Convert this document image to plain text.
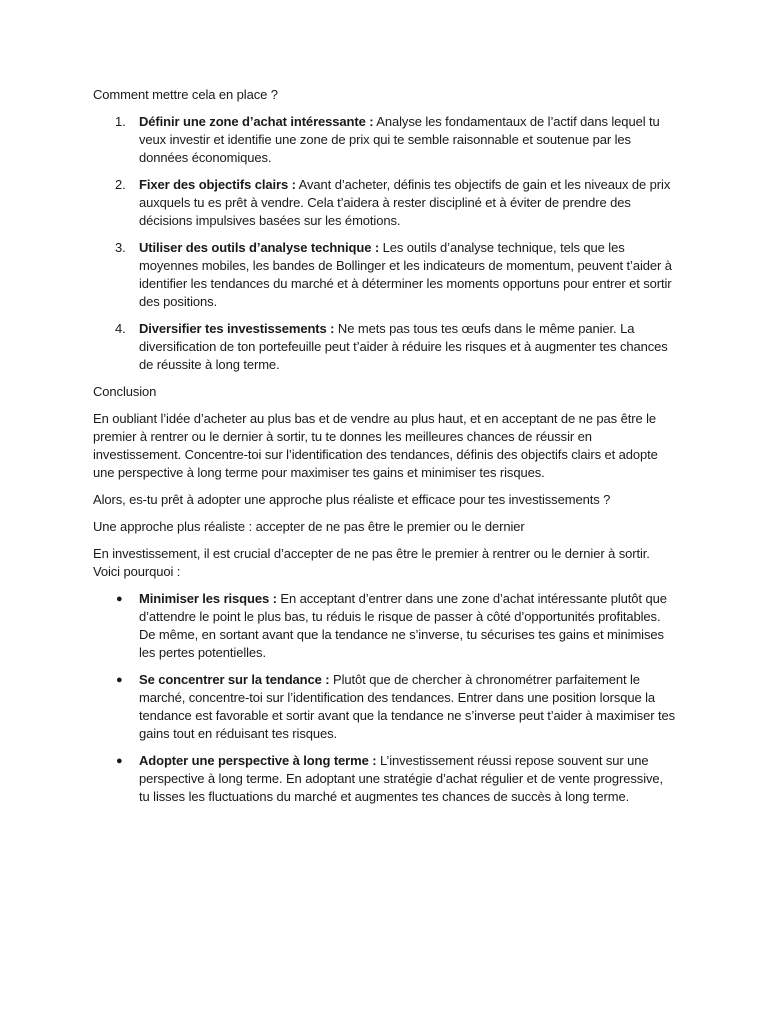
Comment mettre cela en place ?

1.	Définir une zone d’achat intéressante : Analyse les fondamentaux de l’actif dans lequel tu veux investir et identifie une zone de prix qui te semble raisonnable et soutenue par les données économiques.
2.	Fixer des objectifs clairs : Avant d’acheter, définis tes objectifs de gain et les niveaux de prix auxquels tu es prêt à vendre. Cela t’aidera à rester discipliné et à éviter de prendre des décisions impulsives basées sur les émotions.
3.	Utiliser des outils d’analyse technique : Les outils d’analyse technique, tels que les moyennes mobiles, les bandes de Bollinger et les indicateurs de momentum, peuvent t’aider à identifier les tendances du marché et à déterminer les moments opportuns pour entrer et sortir des positions.
4.	Diversifier tes investissements : Ne mets pas tous tes œufs dans le même panier. La diversification de ton portefeuille peut t’aider à réduire les risques et à augmenter tes chances de réussite à long terme.

Conclusion

En oubliant l’idée d’acheter au plus bas et de vendre au plus haut, et en acceptant de ne pas être le premier à rentrer ou le dernier à sortir, tu te donnes les meilleures chances de réussir en investissement. Concentre-toi sur l’identification des tendances, définis des objectifs clairs et adopte une perspective à long terme pour maximiser tes gains et minimiser tes risques.

Alors, es-tu prêt à adopter une approche plus réaliste et efficace pour tes investissements ?

Une approche plus réaliste : accepter de ne pas être le premier ou le dernier

En investissement, il est crucial d’accepter de ne pas être le premier à rentrer ou le dernier à sortir. Voici pourquoi :

●	Minimiser les risques : En acceptant d’entrer dans une zone d’achat intéressante plutôt que d’attendre le point le plus bas, tu réduis le risque de passer à côté d’opportunités profitables. De même, en sortant avant que la tendance ne s’inverse, tu sécurises tes gains et minimises les pertes potentielles.
●	Se concentrer sur la tendance : Plutôt que de chercher à chronométrer parfaitement le marché, concentre-toi sur l’identification des tendances. Entrer dans une position lorsque la tendance est favorable et sortir avant que la tendance ne s’inverse peut t’aider à maximiser tes gains tout en réduisant tes risques.
●	Adopter une perspective à long terme : L’investissement réussi repose souvent sur une perspective à long terme. En adoptant une stratégie d’achat régulier et de vente progressive, tu lisses les fluctuations du marché et augmentes tes chances de succès à long terme.
